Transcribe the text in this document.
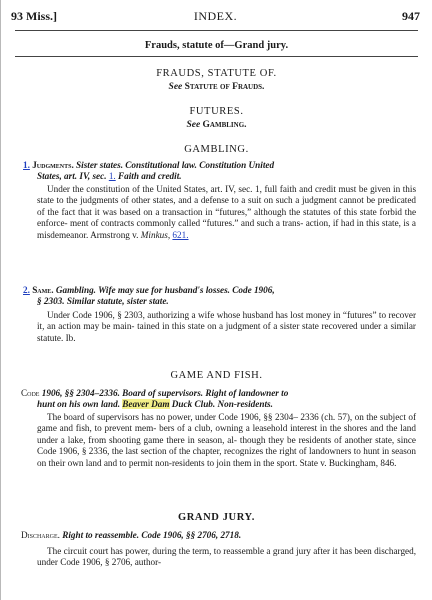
93 Miss.]	INDEX.	947
Frauds, statute of—Grand jury.
FRAUDS, STATUTE OF.
See Statute of Frauds.
FUTURES.
See Gambling.
GAMBLING.
1. Judgments. Sister states. Constitutional law. Constitution United
States, art. IV, sec. 1. Faith and credit.
Under the constitution of the United States, art. IV, sec. 1, full faith and credit must be given in this state to the judgments of other states, and a defense to a suit on such a judgment cannot be predicated of the fact that it was based on a transaction in “futures,” although the statutes of this state forbid the enforce- ment of contracts commonly called “futures.” and such a trans- action, if had in this state, is a misdemeanor. Armstrong v. Minkus, 621.
2. Same. Gambling. Wife may sue for husband's losses. Code 1906,
§ 2303. Similar statute, sister state.
Under Code 1906, § 2303, authorizing a wife whose husband has lost money in “futures” to recover it, an action may be main- tained in this state on a judgment of a sister state recovered under a similar statute. Ib.
GAME AND FISH.
Code 1906, §§ 2304–2336. Board of supervisors. Right of landowner to
hunt on his own land. Beaver Dam Duck Club. Non-residents.
The board of supervisors has no power, under Code 1906, §§ 2304– 2336 (ch. 57), on the subject of game and fish, to prevent mem- bers of a club, owning a leasehold interest in the shores and the land under a lake, from shooting game there in season, al- though they be residents of another state, since Code 1906, § 2336, the last section of the chapter, recognizes the right of landowners to hunt in season on their own land and to permit non-residents to join them in the sport. State v. Buckingham, 846.
GRAND JURY.
Discharge. Right to reassemble. Code 1906, §§ 2706, 2718.
The circuit court has power, during the term, to reassemble a grand jury after it has been discharged, under Code 1906, § 2706, author-
